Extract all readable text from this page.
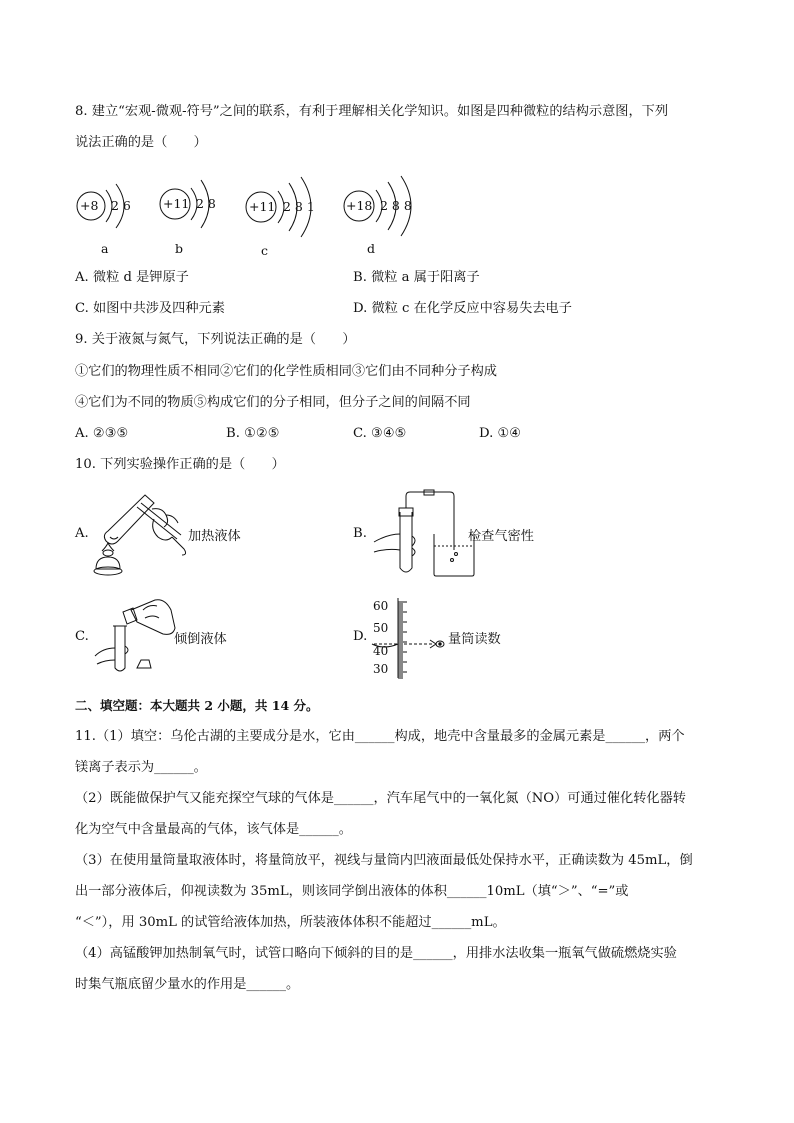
8. 建立“宏观-微观-符号”之间的联系，有利于理解相关化学知识。如图是四种微粒的结构示意图，下列
说法正确的是（　　）
+8 2 6
a
+11 2 8
b
+11 2 8 1
c
+18 2 8 8
d
A. 微粒 d 是钾原子	B. 微粒 a 属于阳离子
C. 如图中共涉及四种元素	D. 微粒 c 在化学反应中容易失去电子
9. 关于液氮与氮气，下列说法正确的是（　　）
①它们的物理性质不相同②它们的化学性质相同③它们由不同种分子构成
④它们为不同的物质⑤构成它们的分子相同，但分子之间的间隔不同
A. ②③⑤	B. ①②⑤	C. ③④⑤	D. ①④
10. 下列实验操作正确的是（　　）
A.	加热液体	B.	检查气密性
C.	倾倒液体	D.
60
50
40
30
量筒读数
二、填空题：本大题共 2 小题，共 14 分。
11.（1）填空：乌伦古湖的主要成分是水，它由______构成，地壳中含量最多的金属元素是______，两个
镁离子表示为______。
（2）既能做保护气又能充探空气球的气体是______，汽车尾气中的一氧化氮（NO）可通过催化转化器转
化为空气中含量最高的气体，该气体是______。
（3）在使用量筒量取液体时，将量筒放平，视线与量筒内凹液面最低处保持水平，正确读数为 45mL，倒
出一部分液体后，仰视读数为 35mL，则该同学倒出液体的体积______10mL（填“＞”、“=”或
“＜”），用 30mL 的试管给液体加热，所装液体体积不能超过______mL。
（4）高锰酸钾加热制氧气时，试管口略向下倾斜的目的是______，用排水法收集一瓶氧气做硫燃烧实验
时集气瓶底留少量水的作用是______。
